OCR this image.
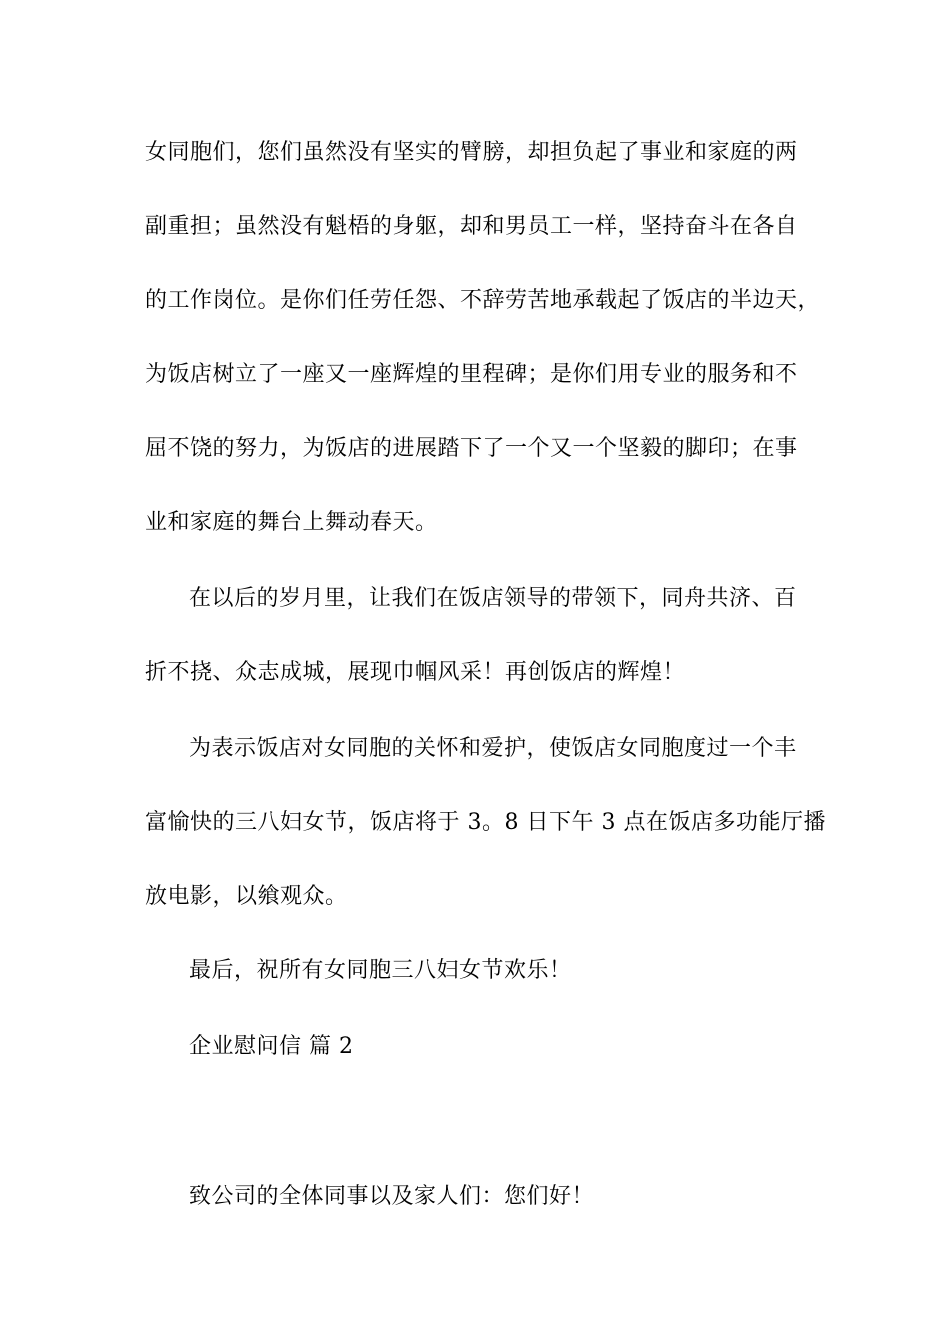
女同胞们，您们虽然没有坚实的臂膀，却担负起了事业和家庭的两
副重担；虽然没有魁梧的身躯，却和男员工一样，坚持奋斗在各自
的工作岗位。是你们任劳任怨、不辞劳苦地承载起了饭店的半边天，
为饭店树立了一座又一座辉煌的里程碑；是你们用专业的服务和不
屈不饶的努力，为饭店的进展踏下了一个又一个坚毅的脚印；在事
业和家庭的舞台上舞动春天。
在以后的岁月里，让我们在饭店领导的带领下，同舟共济、百
折不挠、众志成城，展现巾帼风采！再创饭店的辉煌！
为表示饭店对女同胞的关怀和爱护，使饭店女同胞度过一个丰
富愉快的三八妇女节，饭店将于 3。8 日下午 3 点在饭店多功能厅播
放电影，以飨观众。
最后，祝所有女同胞三八妇女节欢乐！
企业慰问信 篇 2
致公司的全体同事以及家人们：您们好！
